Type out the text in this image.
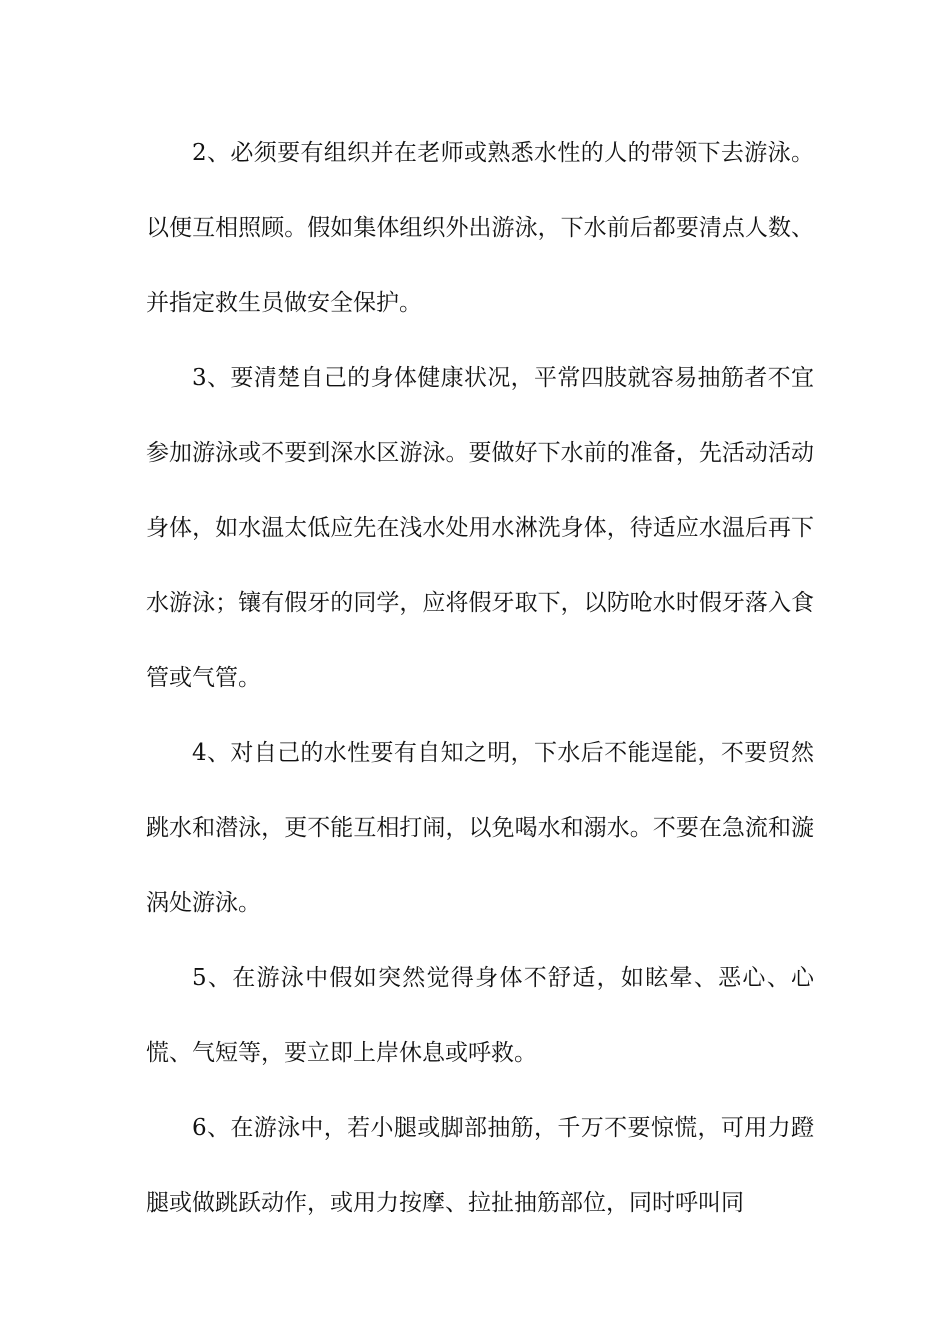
2、必须要有组织并在老师或熟悉水性的人的带领下去游泳。以便互相照顾。假如集体组织外出游泳，下水前后都要清点人数、并指定救生员做安全保护。

3、要清楚自己的身体健康状况，平常四肢就容易抽筋者不宜参加游泳或不要到深水区游泳。要做好下水前的准备，先活动活动身体，如水温太低应先在浅水处用水淋洗身体，待适应水温后再下水游泳；镶有假牙的同学，应将假牙取下，以防呛水时假牙落入食管或气管。

4、对自己的水性要有自知之明，下水后不能逞能，不要贸然跳水和潜泳，更不能互相打闹，以免喝水和溺水。不要在急流和漩涡处游泳。

5、在游泳中假如突然觉得身体不舒适，如眩晕、恶心、心慌、气短等，要立即上岸休息或呼救。

6、在游泳中，若小腿或脚部抽筋，千万不要惊慌，可用力蹬腿或做跳跃动作，或用力按摩、拉扯抽筋部位，同时呼叫同
